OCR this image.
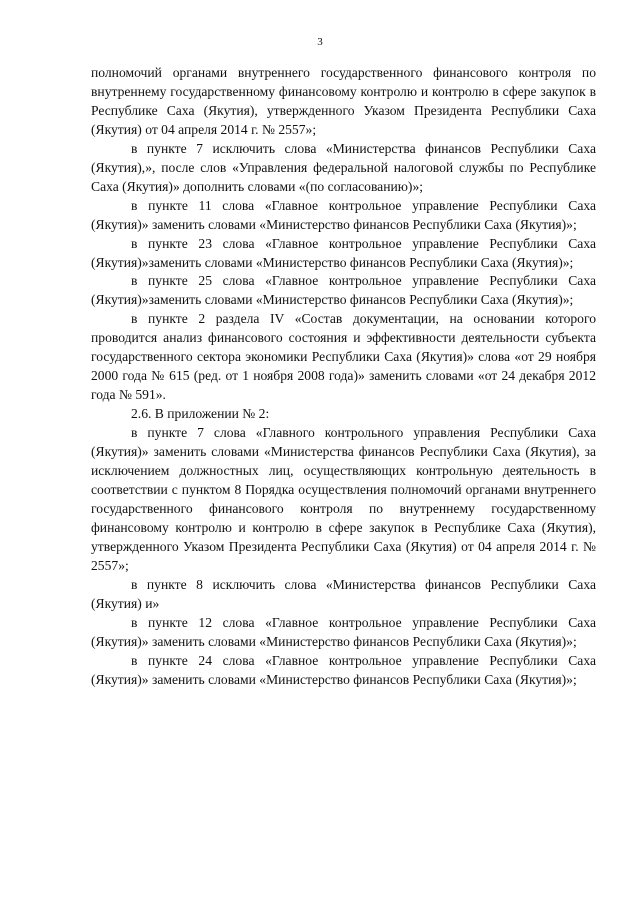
3

полномочий органами внутреннего государственного финансового контроля по внутреннему государственному финансовому контролю и контролю в сфере закупок в Республике Саха (Якутия), утвержденного Указом Президента Республики Саха (Якутия) от 04 апреля 2014 г. № 2557»;

в пункте 7 исключить слова «Министерства финансов Республики Саха (Якутия),», после слов «Управления федеральной налоговой службы по Республике Саха (Якутия)» дополнить словами «(по согласованию)»;

в пункте 11 слова «Главное контрольное управление Республики Саха (Якутия)» заменить словами «Министерство финансов Республики Саха (Якутия)»;

в пункте 23 слова «Главное контрольное управление Республики Саха (Якутия)»заменить словами «Министерство финансов Республики Саха (Якутия)»;

в пункте 25 слова «Главное контрольное управление Республики Саха (Якутия)»заменить словами «Министерство финансов Республики Саха (Якутия)»;

в пункте 2 раздела IV «Состав документации, на основании которого проводится анализ финансового состояния и эффективности деятельности субъекта государственного сектора экономики Республики Саха (Якутия)» слова «от 29 ноября 2000 года № 615 (ред. от 1 ноября 2008 года)» заменить словами «от 24 декабря 2012 года № 591».

2.6. В приложении № 2:

в пункте 7 слова «Главного контрольного управления Республики Саха (Якутия)» заменить словами «Министерства финансов Республики Саха (Якутия), за исключением должностных лиц, осуществляющих контрольную деятельность в соответствии с пунктом 8 Порядка осуществления полномочий органами внутреннего государственного финансового контроля по внутреннему государственному финансовому контролю и контролю в сфере закупок в Республике Саха (Якутия), утвержденного Указом Президента Республики Саха (Якутия) от 04 апреля 2014 г. № 2557»;

в пункте 8 исключить слова «Министерства финансов Республики Саха (Якутия) и»

в пункте 12 слова «Главное контрольное управление Республики Саха (Якутия)» заменить словами «Министерство финансов Республики Саха (Якутия)»;

в пункте 24 слова «Главное контрольное управление Республики Саха (Якутия)» заменить словами «Министерство финансов Республики Саха (Якутия)»;
